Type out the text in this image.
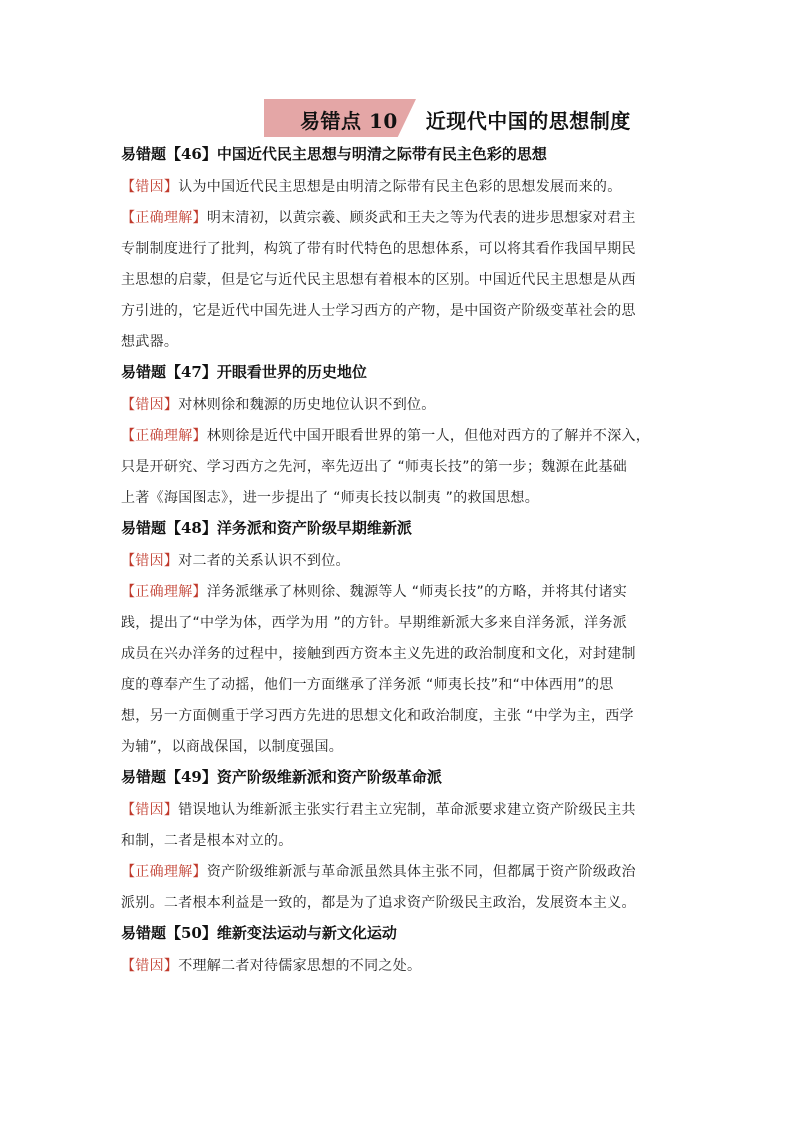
易错点 10　 近现代中国的思想制度
易错题【46】中国近代民主思想与明清之际带有民主色彩的思想
【错因】认为中国近代民主思想是由明清之际带有民主色彩的思想发展而来的。
【正确理解】明末清初，以黄宗羲、顾炎武和王夫之等为代表的进步思想家对君主
专制制度进行了批判，构筑了带有时代特色的思想体系，可以将其看作我国早期民
主思想的启蒙，但是它与近代民主思想有着根本的区别。中国近代民主思想是从西
方引进的，它是近代中国先进人士学习西方的产物，是中国资产阶级变革社会的思
想武器。
易错题【47】开眼看世界的历史地位
【错因】对林则徐和魏源的历史地位认识不到位。
【正确理解】林则徐是近代中国开眼看世界的第一人，但他对西方的了解并不深入，
只是开研究、学习西方之先河，率先迈出了 “师夷长技”的第一步；魏源在此基础
上著《海国图志》，进一步提出了 “师夷长技以制夷 ”的救国思想。
易错题【48】洋务派和资产阶级早期维新派
【错因】对二者的关系认识不到位。
【正确理解】洋务派继承了林则徐、魏源等人 “师夷长技”的方略，并将其付诸实
践，提出了“中学为体，西学为用 ”的方针。早期维新派大多来自洋务派，洋务派
成员在兴办洋务的过程中，接触到西方资本主义先进的政治制度和文化，对封建制
度的尊奉产生了动摇，他们一方面继承了洋务派 “师夷长技”和“中体西用”的思
想，另一方面侧重于学习西方先进的思想文化和政治制度，主张 “中学为主，西学
为辅”，以商战保国，以制度强国。
易错题【49】资产阶级维新派和资产阶级革命派
【错因】错误地认为维新派主张实行君主立宪制，革命派要求建立资产阶级民主共
和制，二者是根本对立的。
【正确理解】资产阶级维新派与革命派虽然具体主张不同，但都属于资产阶级政治
派别。二者根本利益是一致的，都是为了追求资产阶级民主政治，发展资本主义。
易错题【50】维新变法运动与新文化运动
【错因】不理解二者对待儒家思想的不同之处。
